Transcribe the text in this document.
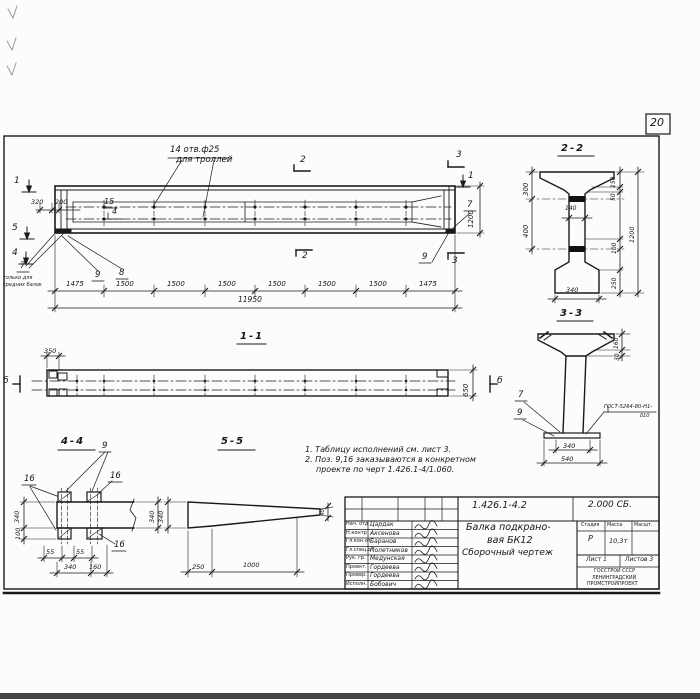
20
14 отв.ф25
для троллей
1
5
4
1
2
2
3
3
320 200	15
4
7
только для
средних балок
9 8
7
9
1200
1475	1500	1500	1500	1500	1500	1500	1475
11950
1-1
350
650
б	б
2-2
300
400
140
150
50
100
250
1200
340
3-3
160
30
7
9
ГОСТ-5264-80-Н1-
δ10
340
540
4-4 9
16	16
16
340
100
55	55
340 160
340
5-5
340
250	1000
40
1. Таблицу исполнений см. лист 3.
2. Поз. 9,16 заказываются в конкретном
проекте по черт 1.426.1-4/1.060.
1.426.1-4.2	2.000 СБ.
Нач. отд Цардак
Н.контр Аксенова
Гл.кон.от Баранов
Гл.спец.от
Полетников
Рук. гр. Медунская
Проект. Гордеева
Провер. Гордеева
Исполн. Бобович
Балка подкрано-
вая БК12
Сборочный чертеж
Стадия Масса Масшт.
Р 10,3т
Лист 1	Листов 3
ГОССТРОЙ СССР
ЛЕНИНГРАДСКИЙ
ПРОМСТРОЙПРОЕКТ
